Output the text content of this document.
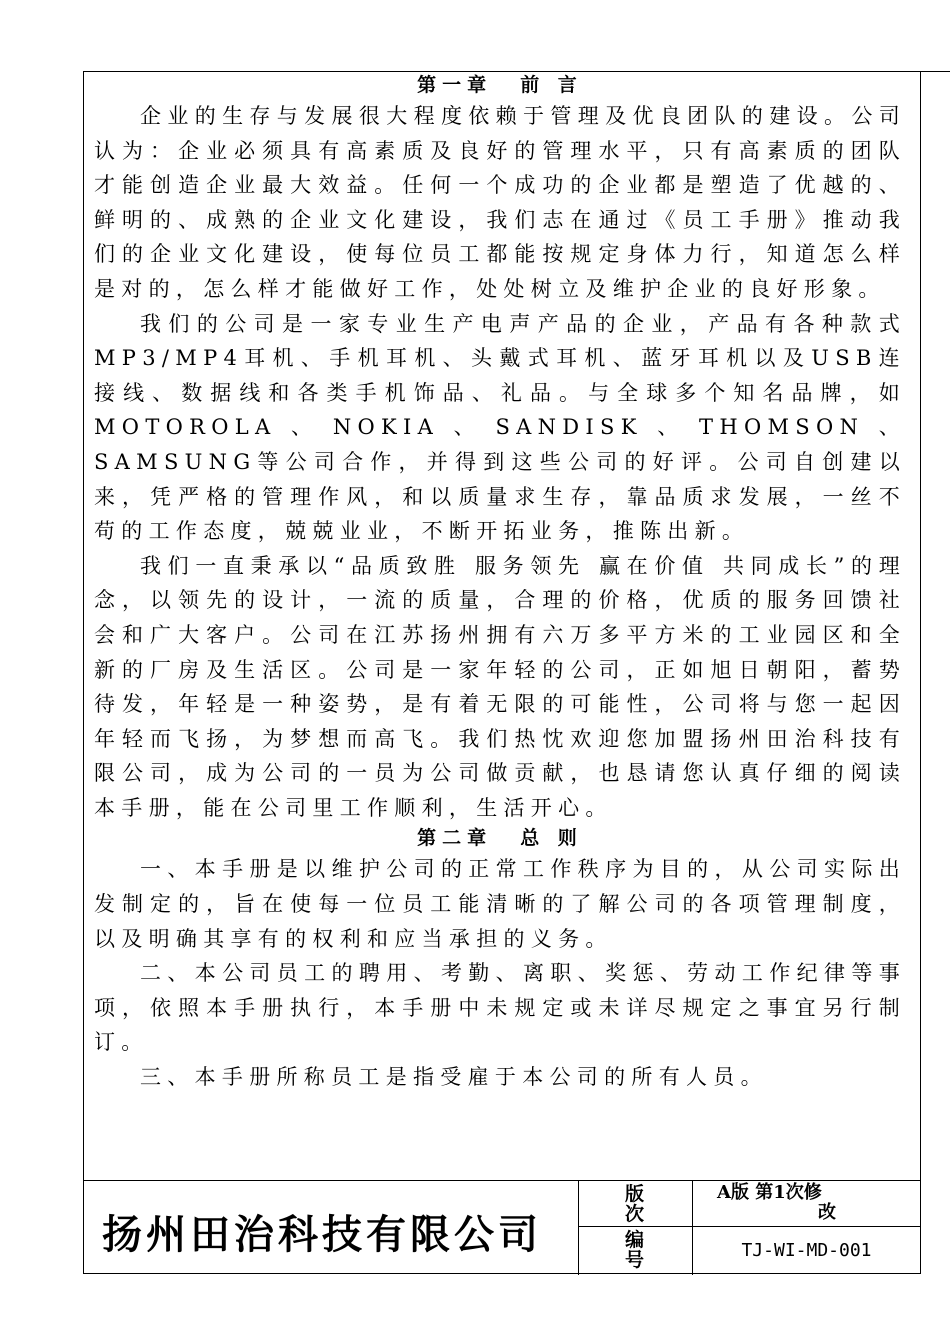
第一章 前 言

企业的生存与发展很大程度依赖于管理及优良团队的建设。公司认为：企业必须具有高素质及良好的管理水平，只有高素质的团队才能创造企业最大效益。任何一个成功的企业都是塑造了优越的、鲜明的、成熟的企业文化建设，我们志在通过《员工手册》推动我们的企业文化建设，使每位员工都能按规定身体力行，知道怎么样是对的，怎么样才能做好工作，处处树立及维护企业的良好形象。

我们的公司是一家专业生产电声产品的企业，产品有各种款式MP3/MP4耳机、手机耳机、头戴式耳机、蓝牙耳机以及USB连接线、数据线和各类手机饰品、礼品。与全球多个知名品牌，如MOTOROLA、NOKIA、SANDISK、THOMSON、SAMSUNG等公司合作，并得到这些公司的好评。公司自创建以来，凭严格的管理作风，和以质量求生存，靠品质求发展，一丝不苟的工作态度，兢兢业业，不断开拓业务，推陈出新。

我们一直秉承以“品质致胜 服务领先 赢在价值 共同成长”的理念，以领先的设计，一流的质量，合理的价格，优质的服务回馈社会和广大客户。公司在江苏扬州拥有六万多平方米的工业园区和全新的厂房及生活区。公司是一家年轻的公司，正如旭日朝阳，蓄势待发，年轻是一种姿势，是有着无限的可能性，公司将与您一起因年轻而飞扬，为梦想而高飞。我们热忱欢迎您加盟扬州田治科技有限公司，成为公司的一员为公司做贡献，也恳请您认真仔细的阅读本手册，能在公司里工作顺利，生活开心。

第二章 总 则

一、本手册是以维护公司的正常工作秩序为目的，从公司实际出发制定的，旨在使每一位员工能清晰的了解公司的各项管理制度，以及明确其享有的权利和应当承担的义务。

二、本公司员工的聘用、考勤、离职、奖惩、劳动工作纪律等事项，依照本手册执行，本手册中未规定或未详尽规定之事宜另行制订。

三、本手册所称员工是指受雇于本公司的所有人员。

扬州田治科技有限公司
版次
A版 第1次修
改
编号	TJ-WI-MD-001
